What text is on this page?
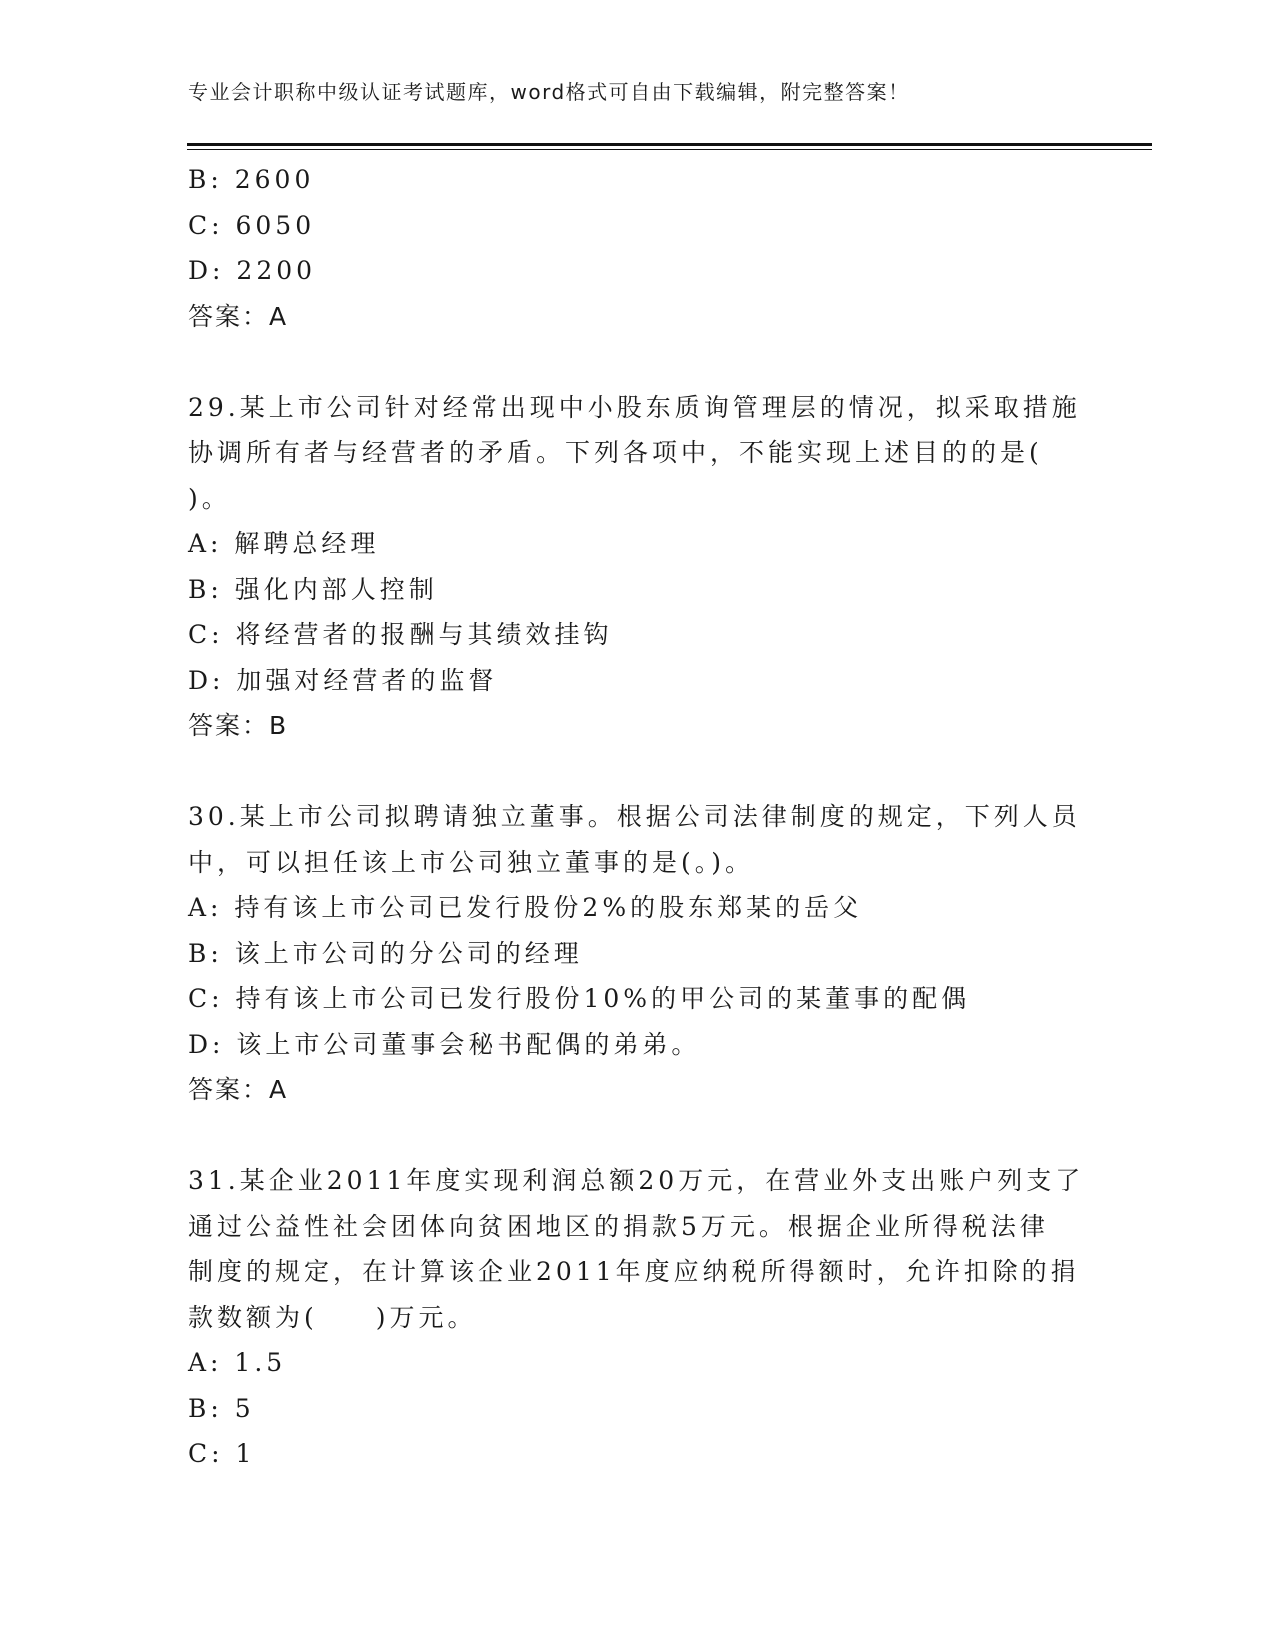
专业会计职称中级认证考试题库，word格式可自由下载编辑，附完整答案！
B: 2600
C: 6050
D: 2200
答案：A
29.某上市公司针对经常出现中小股东质询管理层的情况，拟采取措施
协调所有者与经营者的矛盾。下列各项中，不能实现上述目的的是(
)。
A: 解聘总经理
B: 强化内部人控制
C: 将经营者的报酬与其绩效挂钩
D: 加强对经营者的监督
答案：B
30.某上市公司拟聘请独立董事。根据公司法律制度的规定，下列人员
中，可以担任该上市公司独立董事的是(。)。
A: 持有该上市公司已发行股份2%的股东郑某的岳父
B: 该上市公司的分公司的经理
C: 持有该上市公司已发行股份10%的甲公司的某董事的配偶
D: 该上市公司董事会秘书配偶的弟弟。
答案：A
31.某企业2011年度实现利润总额20万元，在营业外支出账户列支了
通过公益性社会团体向贫困地区的捐款5万元。根据企业所得税法律
制度的规定，在计算该企业2011年度应纳税所得额时，允许扣除的捐
款数额为(　　)万元。
A: 1.5
B: 5
C: 1
